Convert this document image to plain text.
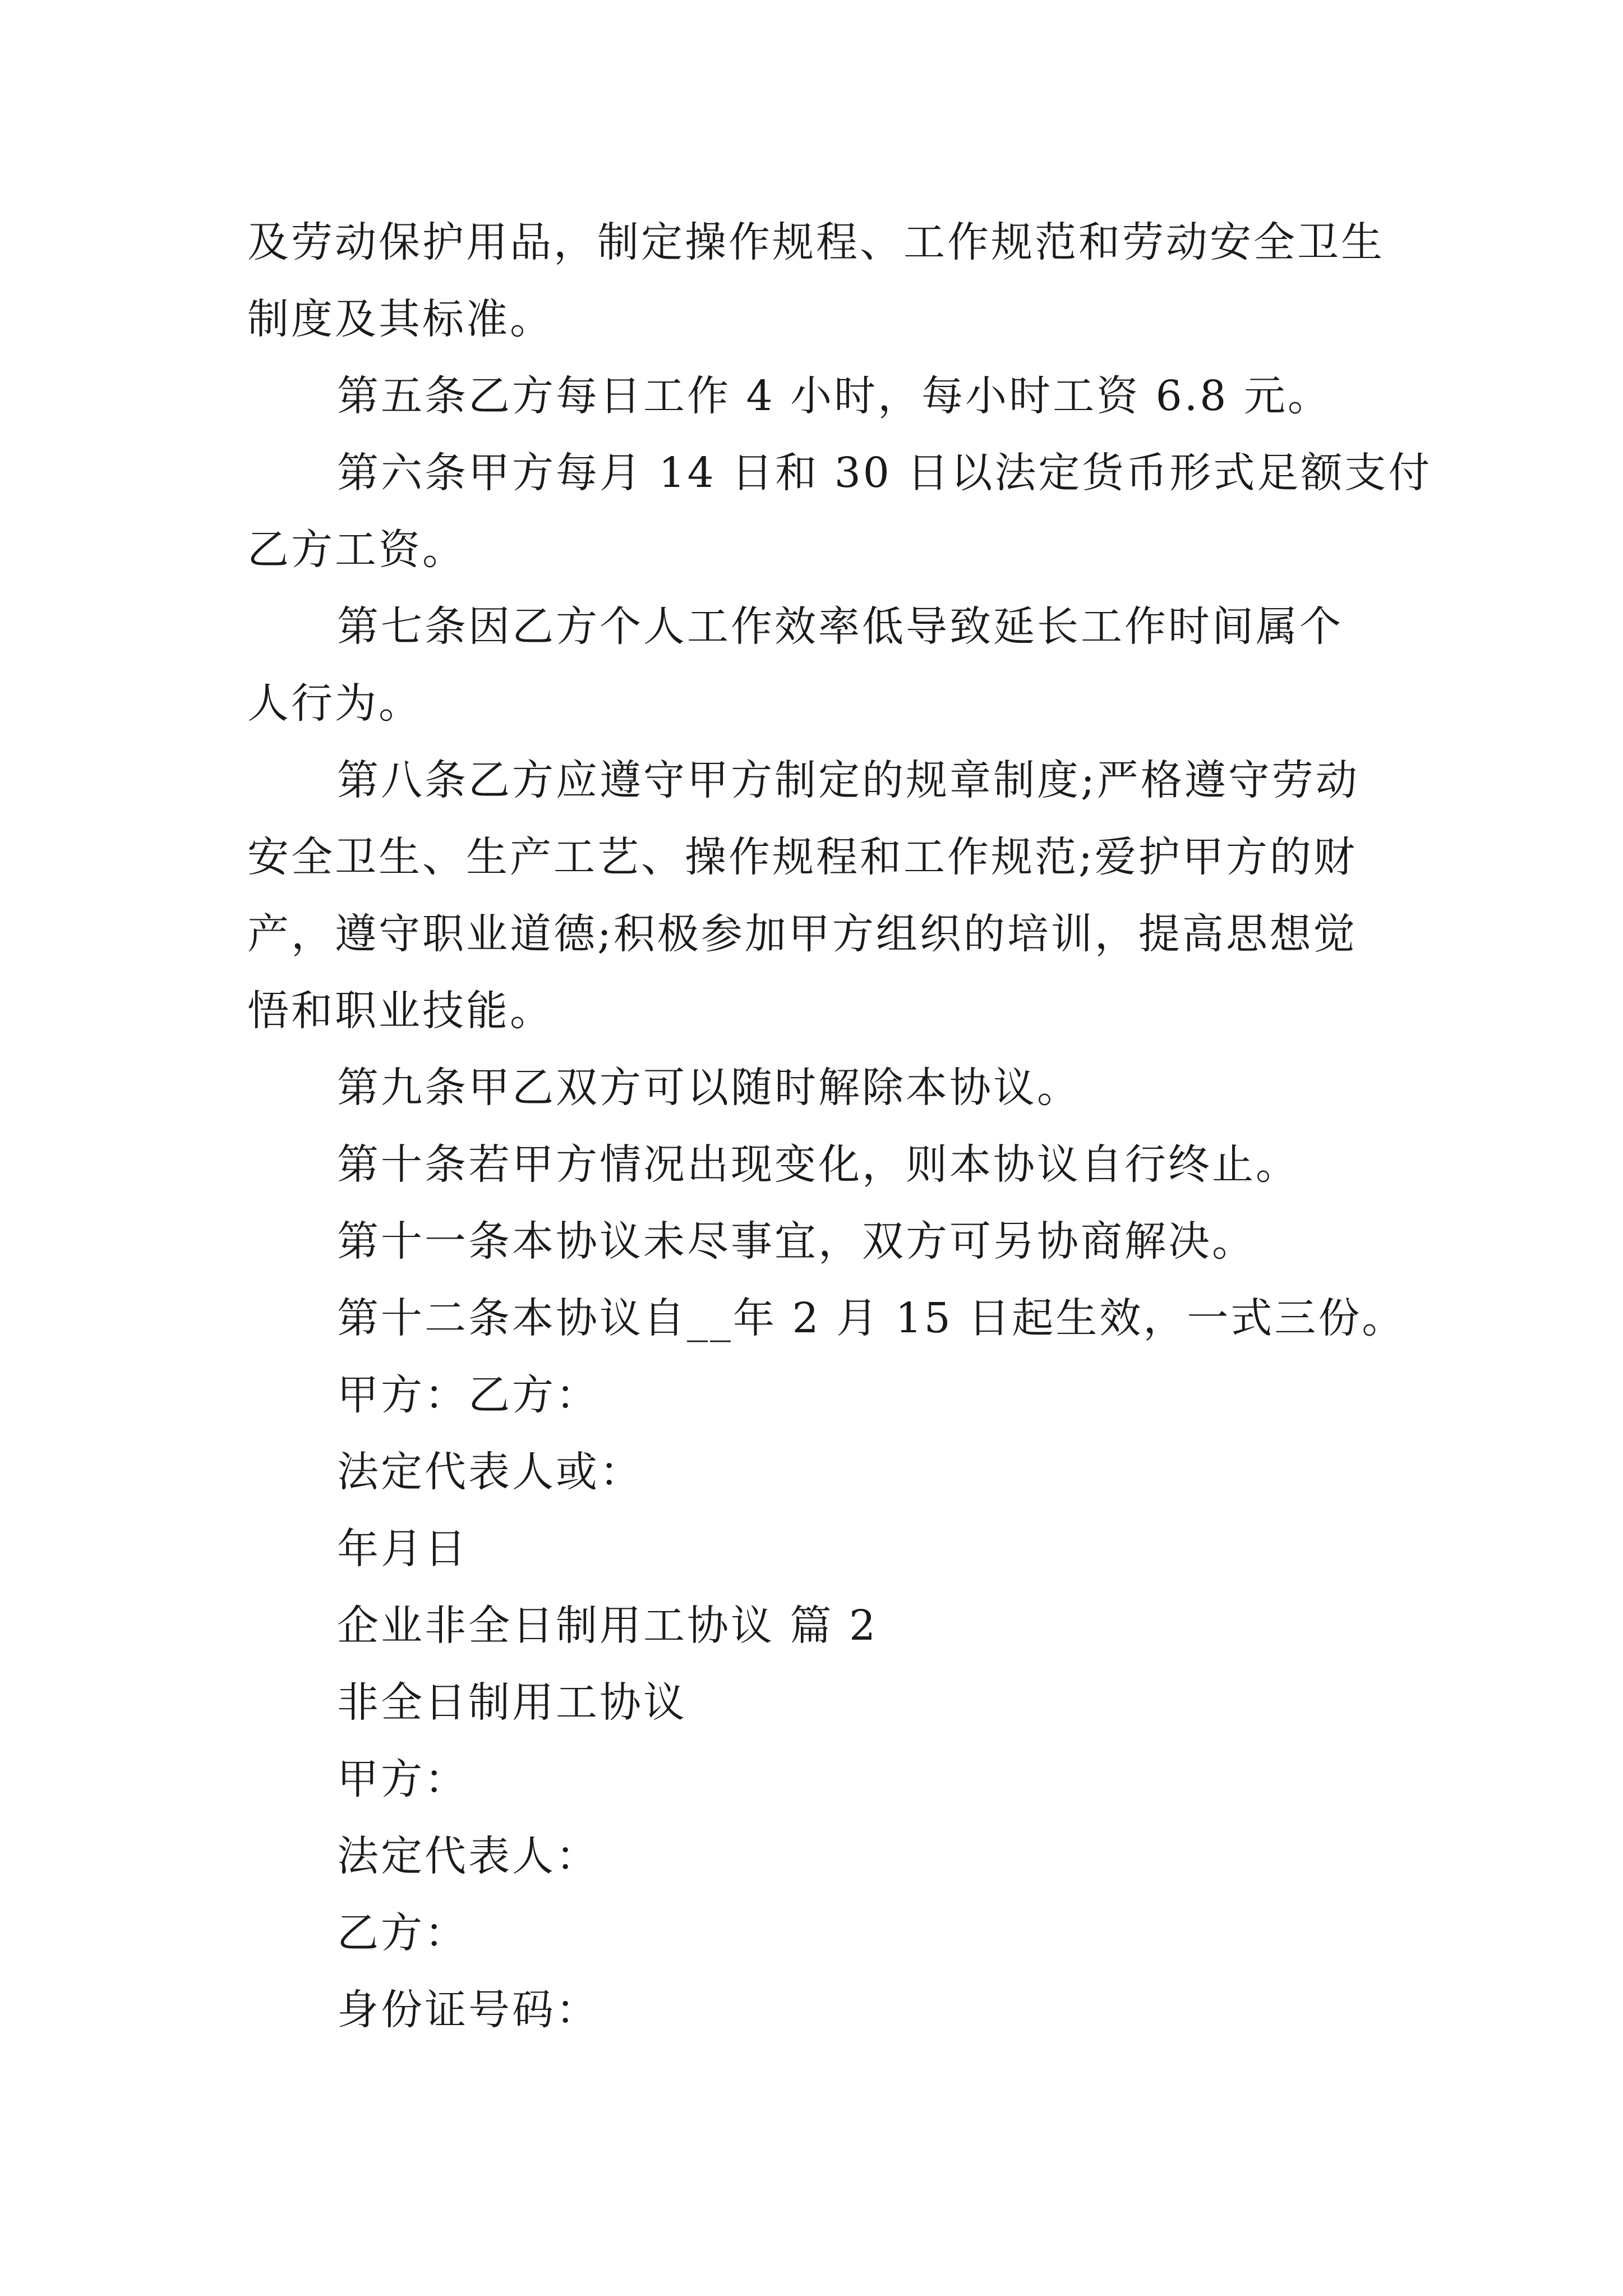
及劳动保护用品，制定操作规程、工作规范和劳动安全卫生
制度及其标准。
第五条乙方每日工作 4 小时，每小时工资 6.8 元。
第六条甲方每月 14 日和 30 日以法定货币形式足额支付
乙方工资。
第七条因乙方个人工作效率低导致延长工作时间属个
人行为。
第八条乙方应遵守甲方制定的规章制度;严格遵守劳动
安全卫生、生产工艺、操作规程和工作规范;爱护甲方的财
产，遵守职业道德;积极参加甲方组织的培训，提高思想觉
悟和职业技能。
第九条甲乙双方可以随时解除本协议。
第十条若甲方情况出现变化，则本协议自行终止。
第十一条本协议未尽事宜，双方可另协商解决。
第十二条本协议自__年 2 月 15 日起生效，一式三份。
甲方：乙方：
法定代表人或：
年月日
企业非全日制用工协议 篇 2
非全日制用工协议
甲方：
法定代表人：
乙方：
身份证号码：
